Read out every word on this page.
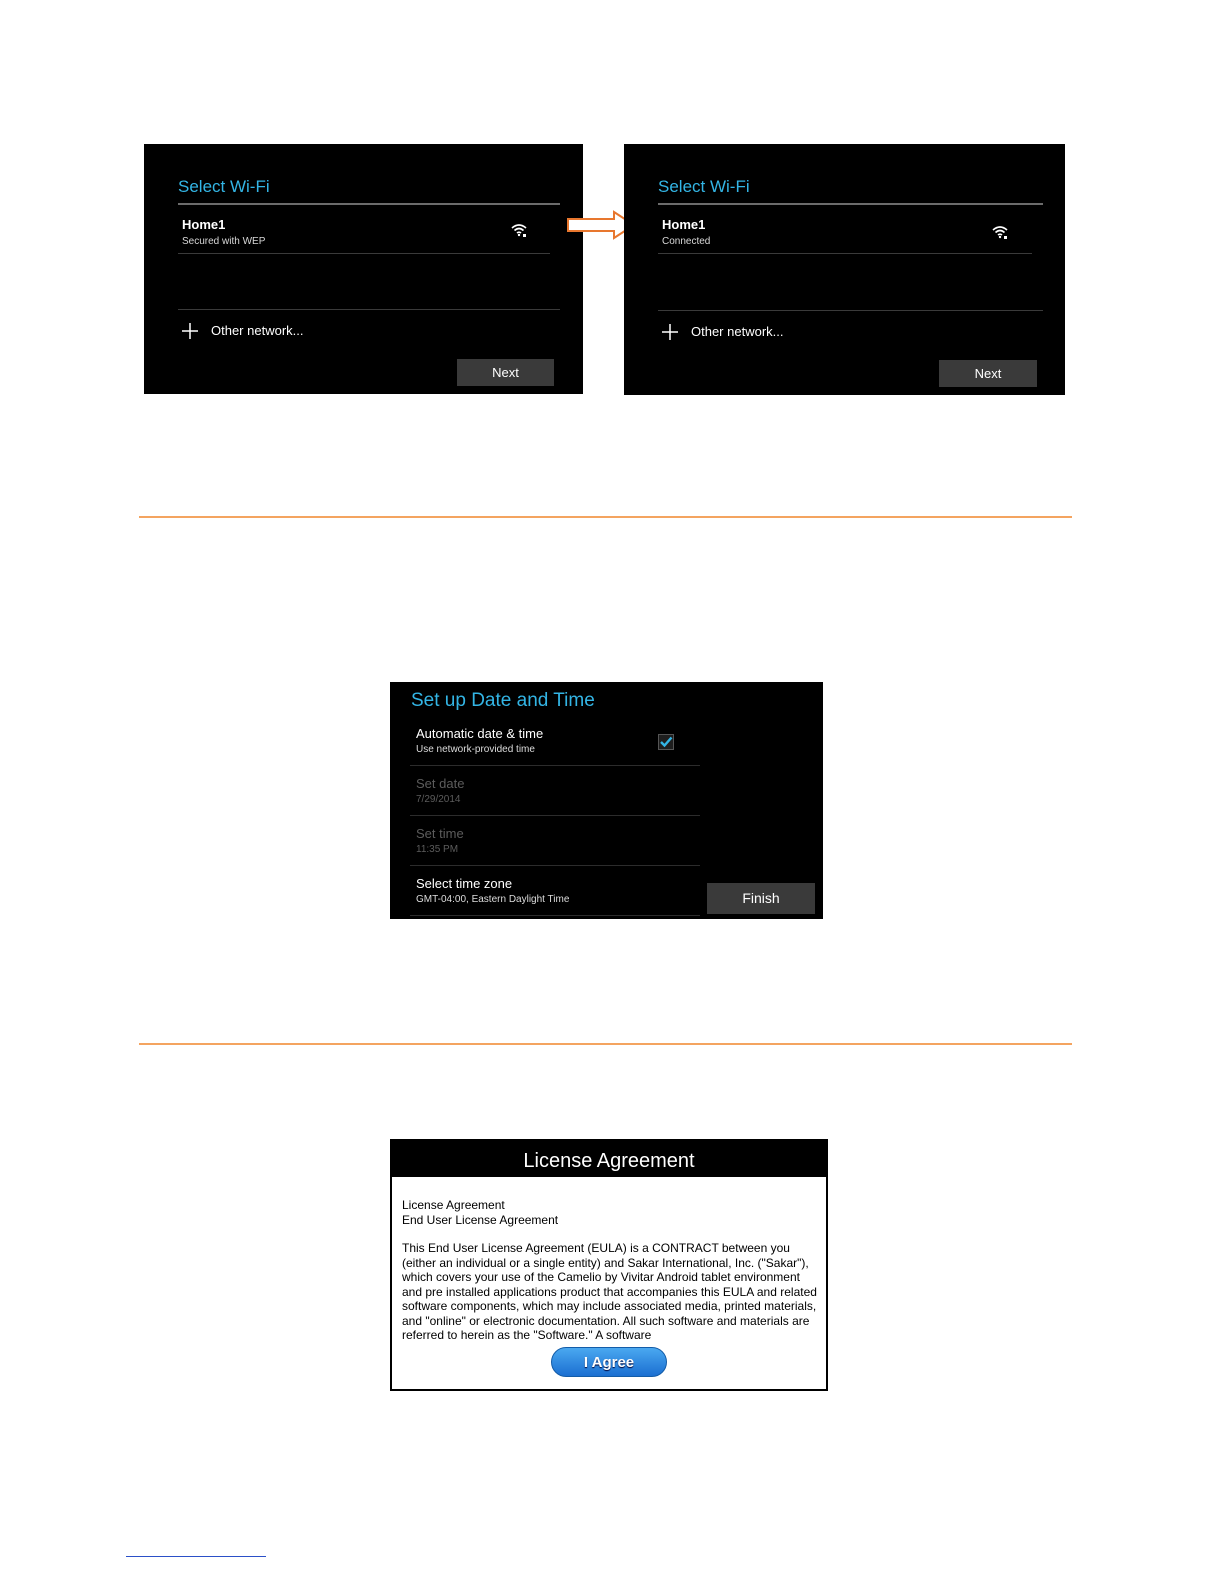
Select Wi-Fi
Home1
Secured with WEP
Other network...
Next
Select Wi-Fi
Home1
Connected
Other network...
Next
Set up Date and Time
Automatic date & time
Use network-provided time
Set date
7/29/2014
Set time
11:35 PM
Select time zone
GMT-04:00, Eastern Daylight Time	Finish
License Agreement

License Agreement

End User License Agreement

This End User License Agreement (EULA) is a CONTRACT between you (either an individual or a single entity) and Sakar International, Inc. ("Sakar"), which covers your use of the Camelio by Vivitar Android tablet environment and pre installed applications product that accompanies this EULA and related software components, which may include associated media, printed materials, and "online" or electronic documentation. All such software and materials are referred to herein as the "Software." A software

I Agree
